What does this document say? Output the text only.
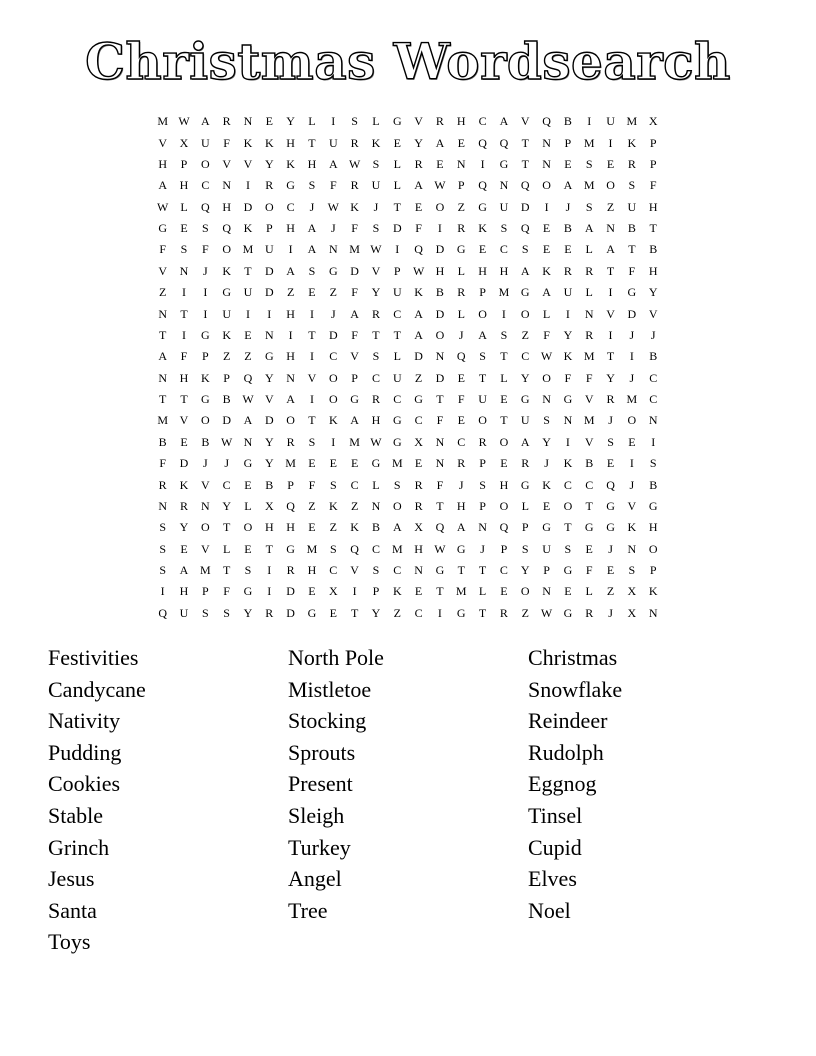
Christmas Wordsearch
M W A	R	N	E	Y	L	I	S	L	G	V	R	H	C	A	V	Q	B	I	U M X
V	X	U	F	K	K	H	T	U	R	K	E	Y	A	E	Q	Q	T	N	P	M	I	K	P
H	P	O	V	V	Y	K	H	A W	S	L	R	E	N	I	G	T	N	E	S	E	R	P
A	H	C	N	I	R	G	S	F	R	U	L	A W	P	Q	N	Q	O	A M O	S	F
W L	Q	H	D	O	C	J	W K	J	T	E	O	Z	G	U	D	I	J	S	Z	U	H
G	E	S	Q	K	P	H	A	J	F	S	D	F	I	R	K	S	Q	E	B	A	N	B	T
F	S	F	O M U	I	A	N M W	I	Q	D	G	E	C	S	E	E	L	A	T	B
V	N	J	K	T	D	A	S	G	D	V	P	W H	L	H	H	A	K	R	R	T	F	H
Z	I	I	G	U	D	Z	E	Z	F	Y	U	K	B	R	P	M G	A	U	L	I	G	Y
N	T	I	U	I	I	H	I	J	A	R	C	A	D	L	O	I	O	L	I	N	V	D	V
T	I	G	K	E	N	I	T	D	F	T	T	A	O	J	A	S	Z	F	Y	R	I	J	J
A	F	P	Z	Z	G	H	I	C	V	S	L	D	N	Q	S	T	C W K M	T	I	B
N	H	K	P	Q	Y	N	V	O	P	C	U	Z	D	E	T	L	Y	O	F	F	Y	J	C
T	T	G	B W V	A	I	O	G	R	C	G	T	F	U	E	G	N	G	V	R M C
M V	O	D	A	D	O	T	K	A	H	G	C	F	E	O	T	U	S	N M	J	O	N
B	E	B W N	Y	R	S	I	M W G	X	N	C	R	O	A	Y	I	V	S	E	I
F	D	J	J	G	Y M	E	E	E	G M	E	N	R	P	E	R	J	K	B	E	I	S
R	K	V	C	E	B	P	F	S	C	L	S	R	F	J	S	H	G	K	C	C	Q	J	B
N	R	N	Y	L	X	Q	Z	K	Z	N	O	R	T	H	P	O	L	E	O	T	G	V	G
S	Y	O	T	O	H	H	E	Z	K	B	A	X	Q	A	N	Q	P	G	T	G	G	K	H
S	E	V	L	E	T	G M	S	Q	C M H W G	J	P	S	U	S	E	J	N	O
S	A M	T	S	I	R	H	C	V	S	C	N	G	T	T	C	Y	P	G	F	E	S	P
I	H	P	F	G	I	D	E	X	I	P	K	E	T	M	L	E	O	N	E	L	Z	X	K
Q	U	S	S	Y	R	D	G	E	T	Y	Z	C	I	G	T	R	Z	W G	R	J	X	N
Festivities	North Pole	Christmas
Candycane	Mistletoe	Snowflake
Nativity	Stocking	Reindeer
Pudding	Sprouts	Rudolph
Cookies	Present	Eggnog
Stable	Sleigh	Tinsel
Grinch	Turkey	Cupid
Jesus	Angel	Elves
Santa	Tree	Noel
Toys
